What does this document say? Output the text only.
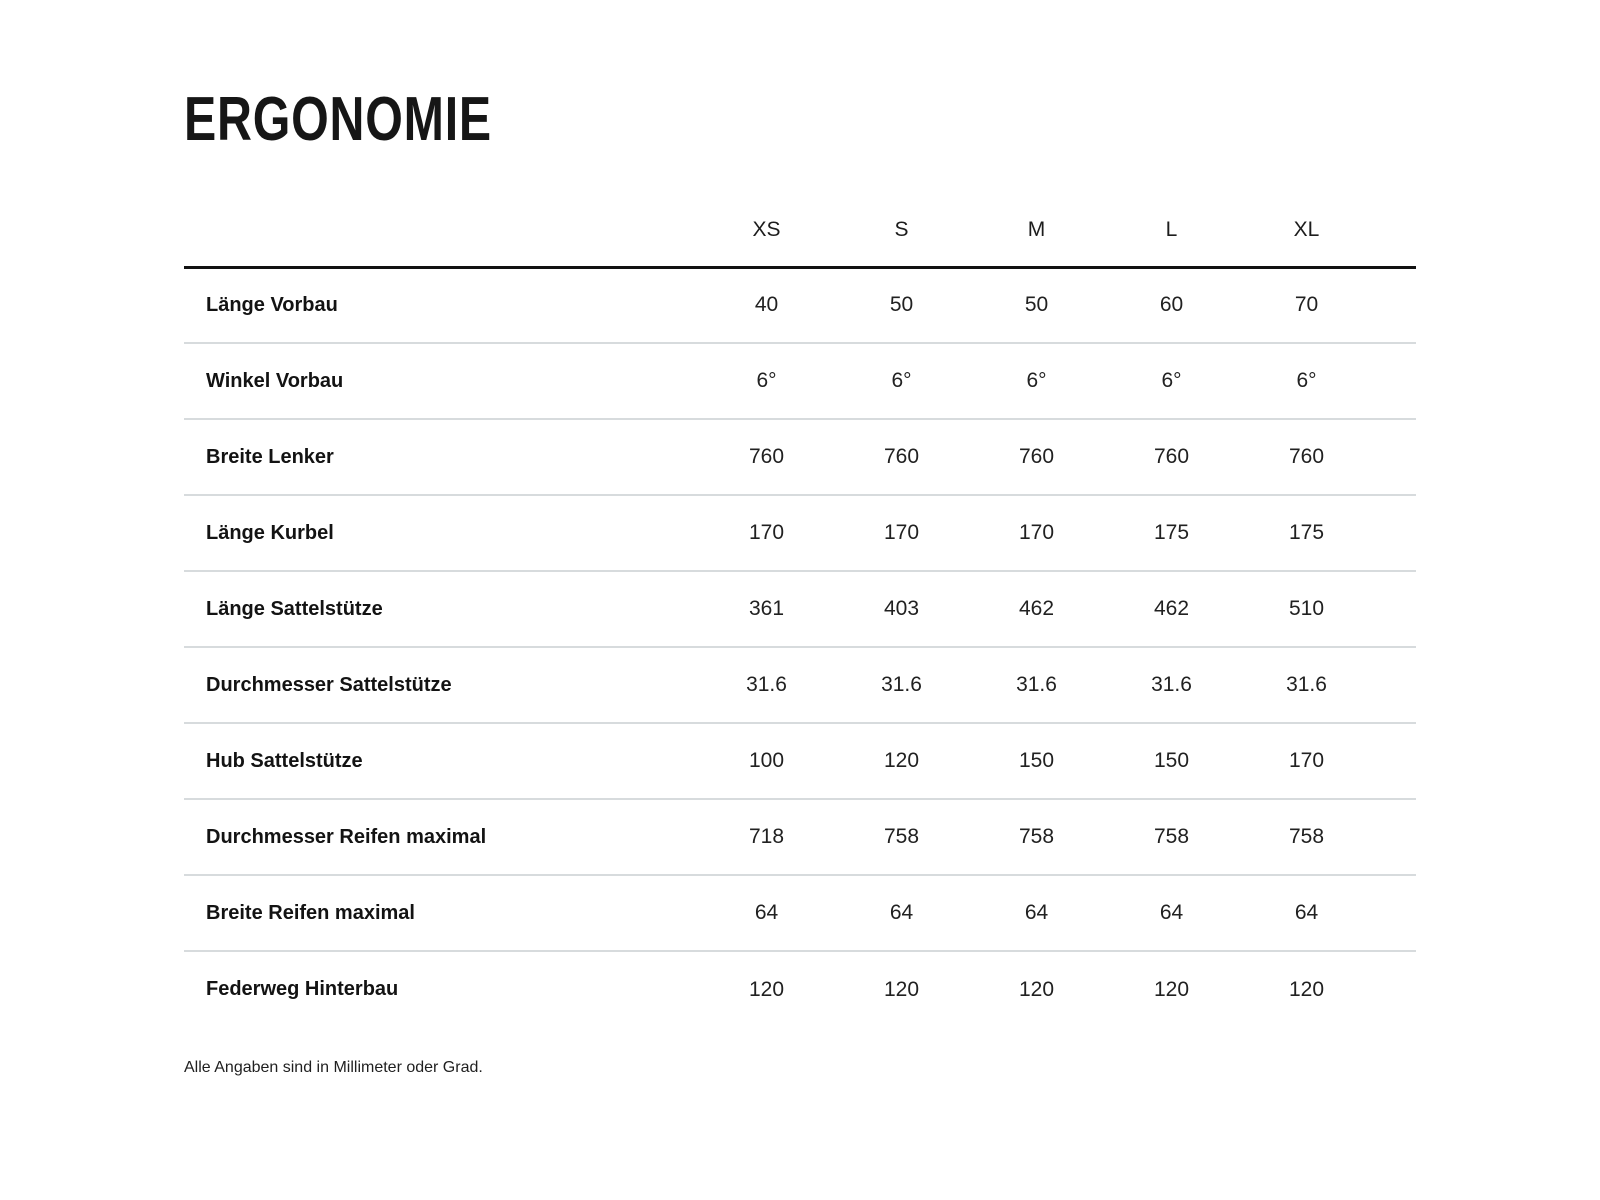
ERGONOMIE
	XS	S	M	L	XL	
Länge Vorbau	40	50	50	60	70	
Winkel Vorbau	6°	6°	6°	6°	6°	
Breite Lenker	760	760	760	760	760	
Länge Kurbel	170	170	170	175	175	
Länge Sattelstütze	361	403	462	462	510	
Durchmesser Sattelstütze	31.6	31.6	31.6	31.6	31.6	
Hub Sattelstütze	100	120	150	150	170	
Durchmesser Reifen maximal	718	758	758	758	758	
Breite Reifen maximal	64	64	64	64	64	
Federweg Hinterbau	120	120	120	120	120	

Alle Angaben sind in Millimeter oder Grad.
